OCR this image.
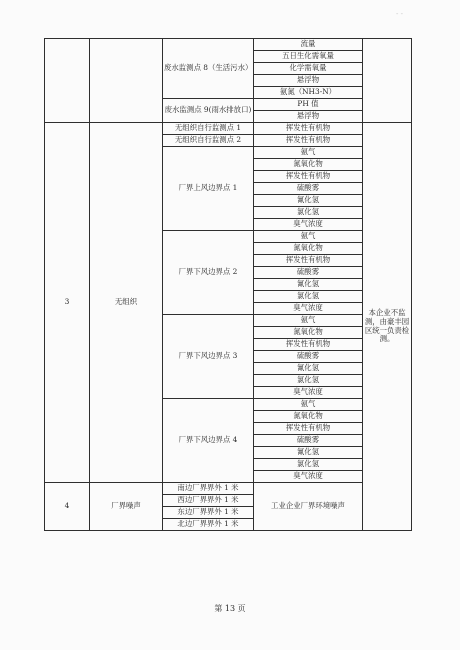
- -
		废水监测点 8（生活污水）	流量	
			五日生化需氧量	
			化学需氧量	
			悬浮物	
			氨氮（NH3-N）	
		废水监测点 9(雨水排放口)	PH 值	
			悬浮物	
3	无组织	无组织自行监测点 1	挥发性有机物	本企业不监测，由豪丰园区统一负责检测。
		无组织自行监测点 2	挥发性有机物	
		厂界上风边界点 1	氨气	
			氮氧化物	
			挥发性有机物	
			硫酸雾	
			氰化氢	
			氯化氢	
			臭气浓度	
		厂界下风边界点 2	氨气	
			氮氧化物	
			挥发性有机物	
			硫酸雾	
			氰化氢	
			氯化氢	
			臭气浓度	
		厂界下风边界点 3	氨气	
			氮氧化物	
			挥发性有机物	
			硫酸雾	
			氰化氢	
			氯化氢	
			臭气浓度	
		厂界下风边界点 4	氨气	
			氮氧化物	
			挥发性有机物	
			硫酸雾	
			氰化氢	
			氯化氢	
			臭气浓度	
4	厂界噪声	南边厂界界外 1 米	工业企业厂界环境噪声	
		西边厂界界外 1 米		
		东边厂界界外 1 米		
		北边厂界界外 1 米		
第 13 页
